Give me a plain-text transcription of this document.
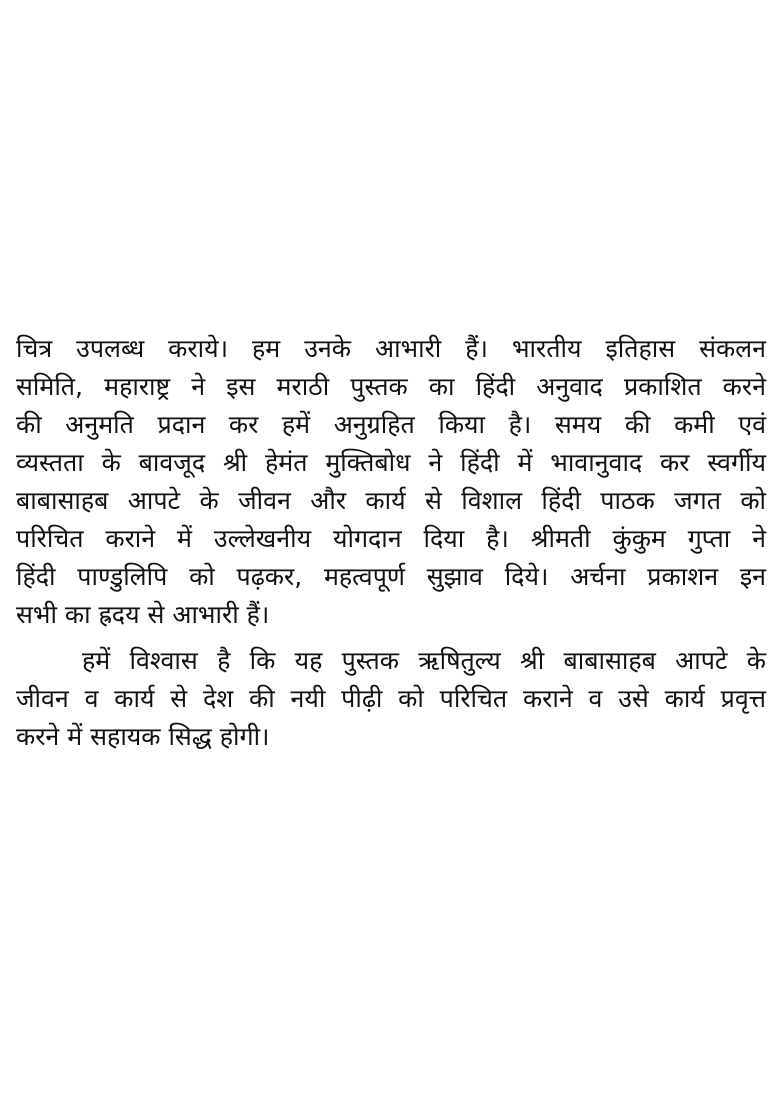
चित्र उपलब्ध कराये। हम उनके आभारी हैं। भारतीय इतिहास संकलन
समिति, महाराष्ट्र ने इस मराठी पुस्तक का हिंदी अनुवाद प्रकाशित करने
की अनुमति प्रदान कर हमें अनुग्रहित किया है। समय की कमी एवं
व्यस्तता के बावजूद श्री हेमंत मुक्तिबोध ने हिंदी में भावानुवाद कर स्वर्गीय
बाबासाहब आपटे के जीवन और कार्य से विशाल हिंदी पाठक जगत को
परिचित कराने में उल्लेखनीय योगदान दिया है। श्रीमती कुंकुम गुप्ता ने
हिंदी पाण्डुलिपि को पढ़कर, महत्वपूर्ण सुझाव दिये। अर्चना प्रकाशन इन
सभी का ह्रदय से आभारी हैं।
हमें विश्वास है कि यह पुस्तक ऋषितुल्य श्री बाबासाहब आपटे के
जीवन व कार्य से देश की नयी पीढ़ी को परिचित कराने व उसे कार्य प्रवृत्त
करने में सहायक सिद्ध होगी।
